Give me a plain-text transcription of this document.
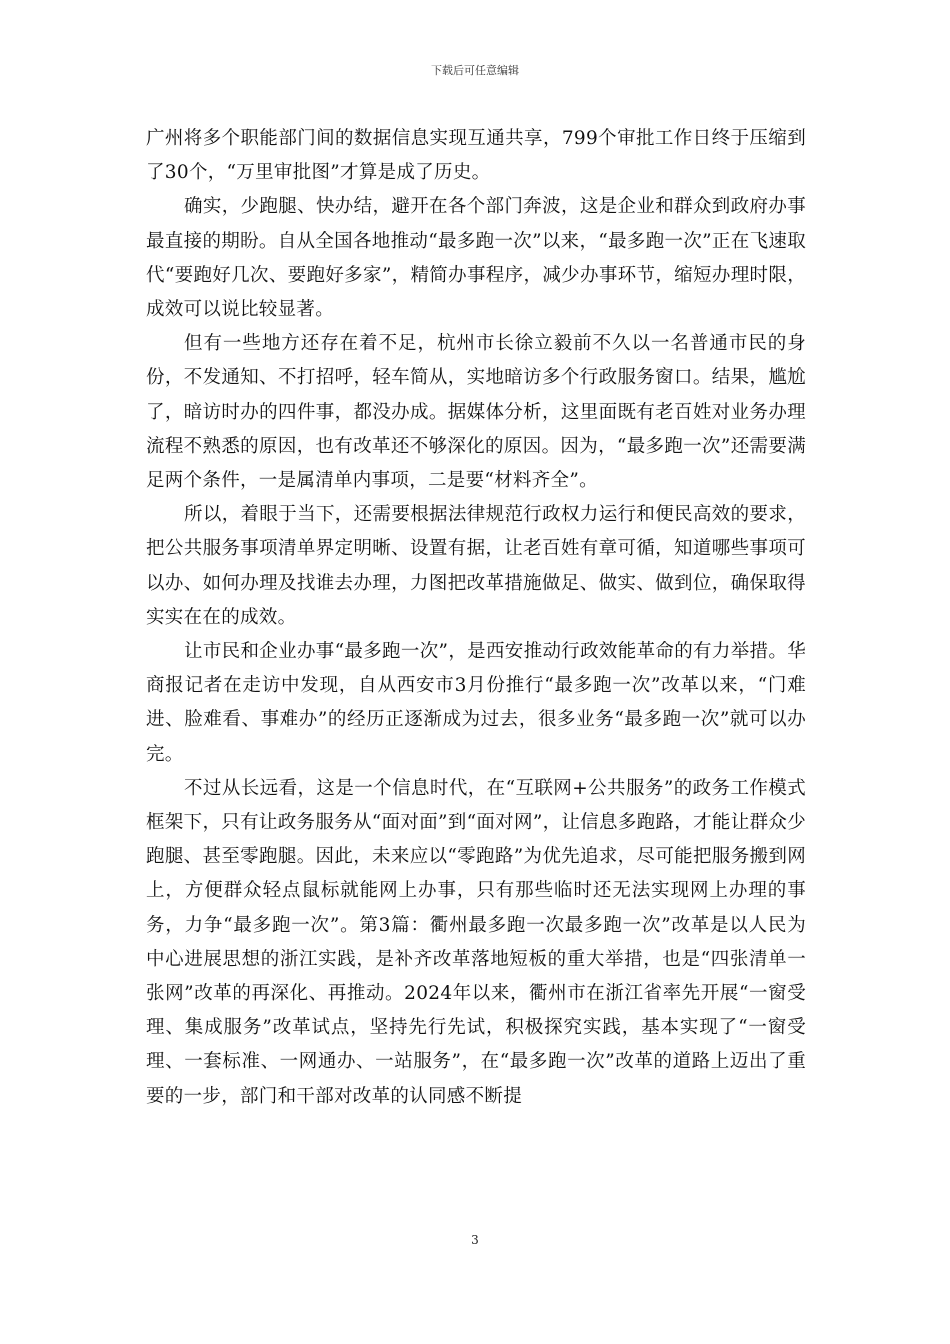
下载后可任意编辑

广州将多个职能部门间的数据信息实现互通共享，799个审批工作日终于压缩到了30个，“万里审批图”才算是成了历史。

确实，少跑腿、快办结，避开在各个部门奔波，这是企业和群众到政府办事最直接的期盼。自从全国各地推动“最多跑一次”以来，“最多跑一次”正在飞速取代“要跑好几次、要跑好多家”，精简办事程序，减少办事环节，缩短办理时限，成效可以说比较显著。

但有一些地方还存在着不足，杭州市长徐立毅前不久以一名普通市民的身份，不发通知、不打招呼，轻车简从，实地暗访多个行政服务窗口。结果，尴尬了，暗访时办的四件事，都没办成。据媒体分析，这里面既有老百姓对业务办理流程不熟悉的原因，也有改革还不够深化的原因。因为，“最多跑一次”还需要满足两个条件，一是属清单内事项，二是要“材料齐全”。

所以，着眼于当下，还需要根据法律规范行政权力运行和便民高效的要求，把公共服务事项清单界定明晰、设置有据，让老百姓有章可循，知道哪些事项可以办、如何办理及找谁去办理，力图把改革措施做足、做实、做到位，确保取得实实在在的成效。

让市民和企业办事“最多跑一次”，是西安推动行政效能革命的有力举措。华商报记者在走访中发现，自从西安市3月份推行“最多跑一次”改革以来，“门难进、脸难看、事难办”的经历正逐渐成为过去，很多业务“最多跑一次”就可以办完。

不过从长远看，这是一个信息时代，在“互联网+公共服务”的政务工作模式框架下，只有让政务服务从“面对面”到“面对网”，让信息多跑路，才能让群众少跑腿、甚至零跑腿。因此，未来应以“零跑路”为优先追求，尽可能把服务搬到网上，方便群众轻点鼠标就能网上办事，只有那些临时还无法实现网上办理的事务，力争“最多跑一次”。第3篇：衢州最多跑一次最多跑一次”改革是以人民为中心进展思想的浙江实践，是补齐改革落地短板的重大举措，也是“四张清单一张网”改革的再深化、再推动。2024年以来，衢州市在浙江省率先开展“一窗受理、集成服务”改革试点，坚持先行先试，积极探究实践，基本实现了“一窗受理、一套标准、一网通办、一站服务”，在“最多跑一次”改革的道路上迈出了重要的一步，部门和干部对改革的认同感不断提

3
